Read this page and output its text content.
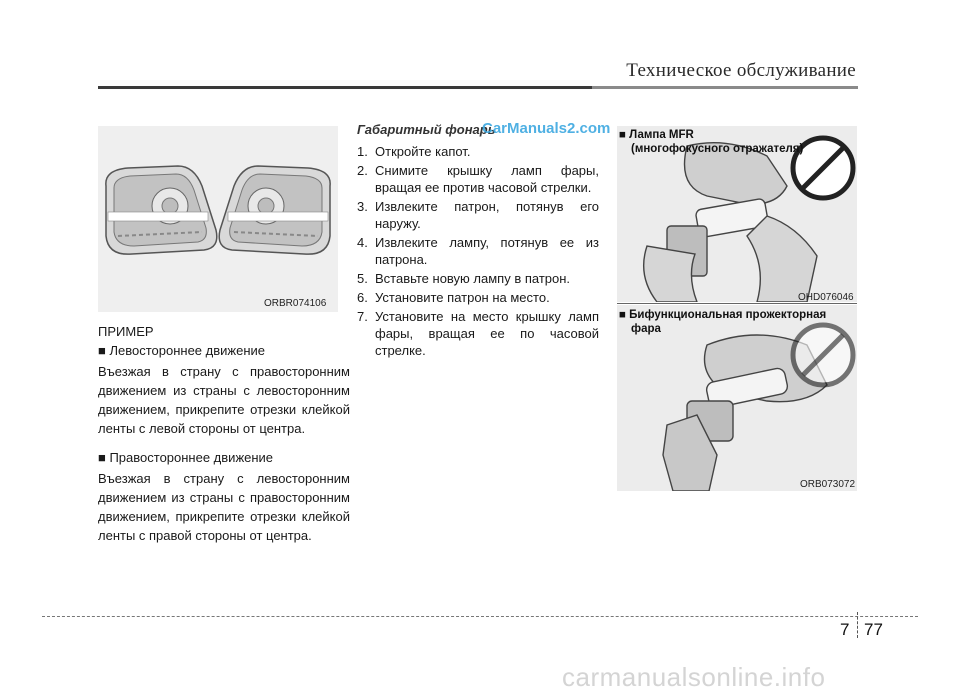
Техническое обслуживание
ORBR074106
ПРИМЕР
■ Левостороннее движение
Въезжая в страну с правосторонним движением из страны с левосторонним движением, прикрепите отрезки клейкой ленты с левой стороны от центра.
■ Правостороннее движение
Въезжая в страну с левосторонним движением из страны с правосторонним движением, прикрепите отрезки клейкой ленты с правой стороны от центра.
Габаритный фонарь
1. Откройте капот.
2. Снимите крышку ламп фары, вращая ее против часовой стрелки.
3. Извлеките патрон, потянув его наружу.
4. Извлеките лампу, потянув ее из патрона.
5. Вставьте новую лампу в патрон.
6. Установите патрон на место.
7. Установите на место крышку ламп фары, вращая ее по часовой стрелке.
CarManuals2.com ■ Лампа MFR
(многофокусного отражателя)
OHD076046
■ Бифункциональная прожекторная
фара
ORB073072
7 77
carmanualsonline.info
